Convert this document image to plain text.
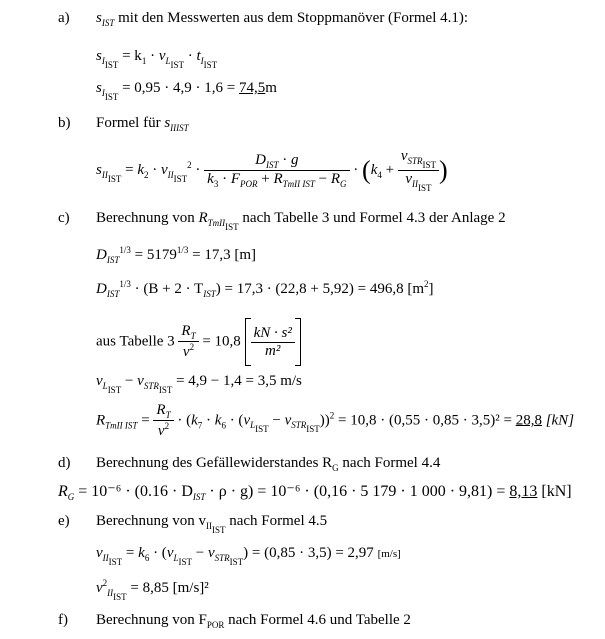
a) $s_{IST}$ mit den Messwerten aus dem Stoppmanöver (Formel 4.1):
$s_{I_{IST}} = k_1 \cdot v_{L_{IST}} \cdot t_{I_{IST}}$
$s_{I_{IST}} = 0,95 \cdot 4,9 \cdot 1,6 = 74,5m$
b) Formel für $s_{IIIST}$
$s_{II_{IST}} = k_2 \cdot v_{II_{IST}}^2 \cdot \frac{D_{IST} \cdot g}{k_3 \cdot F_{POR} + R_{TmII IST} - R_G} \cdot (k_4 + \frac{v_{STR_{IST}}}{v_{II_{IST}}}$ )
c) Berechnung von $R_{TmII_{IST}}$ nach Tabelle 3 und Formel 4.3 der Anlage 2
$D_{IST}^{1/3} = 5179^{1/3} = 17,3$ [m]
$D_{IST}^{1/3} \cdot (B + 2 \cdot T_{IST}) = 17,3 \cdot (22,8 + 5,92) = 496,8$ $[m^2]$
aus Tabelle $3 \frac{R_T}{v^2} = 10,8 \frac{\text{kN · s²}}{\text{m²}}$
$v_{L_{IST}} - v_{STR_{IST}} = 4,9 - 1,4 = 3,5$ m/s
$R_{TmII IST} = \frac{R_T}{v^2} \cdot (k_7 \cdot k_6 \cdot (v_{L_{IST}} - v_{STR_{IST}}))^2 = 10,8 \cdot (0,55 \cdot 0,85 \cdot 3,5)^2 = 28,8$ [kN]
d) Berechnung des Gefällewiderstandes $R_G$ nach Formel 4.4
$R_G = 10^{-6} \cdot (0.16 \cdot D_{IST} \cdot \rho \cdot g) = 10^{-6} \cdot (0,16 \cdot 5$ 179 · 1 000 · 9,81) = 8,13 [kN]
e) Berechnung von $v_{II_{IST}}$ nach Formel 4.5
$v_{II_{IST}} = k_6 \cdot (v_{L_{IST}} - v_{STR_{IST}}) = (0,85 \cdot 3,5) = 2,97$ [m/s]
$v^2_{II_{IST}} = 8,85$ [m/s]²
f) Berechnung von $F_{POR}$ nach Formel 4.6 und Tabelle 2
